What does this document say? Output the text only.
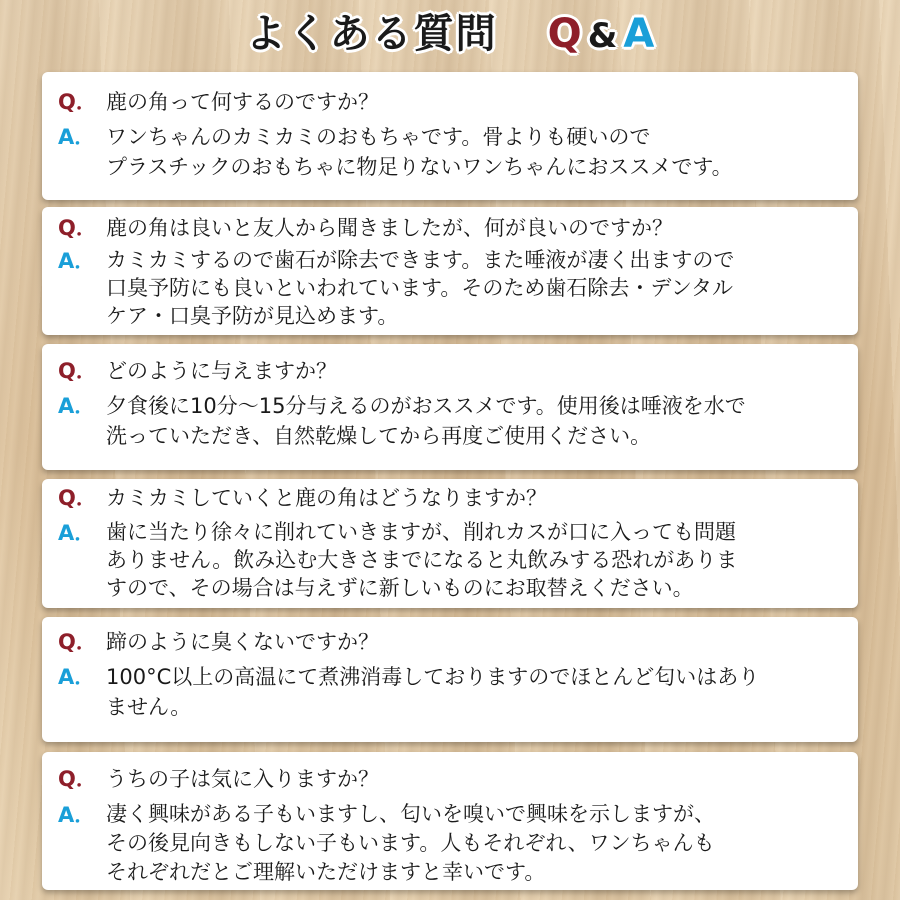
よくある質問 Q & A
Q． 鹿の角って何するのですか？
A． ワンちゃんのカミカミのおもちゃです。骨よりも硬いので
プラスチックのおもちゃに物足りないワンちゃんにおススメです。
Q． 鹿の角は良いと友人から聞きましたが、何が良いのですか？
A． カミカミするので歯石が除去できます。また唾液が凄く出ますので
口臭予防にも良いといわれています。そのため歯石除去・デンタル
ケア・口臭予防が見込めます。
Q． どのように与えますか？
A． 夕食後に10分～15分与えるのがおススメです。使用後は唾液を水で
洗っていただき、自然乾燥してから再度ご使用ください。
Q． カミカミしていくと鹿の角はどうなりますか？
A． 歯に当たり徐々に削れていきますが、削れカスが口に入っても問題
ありません。飲み込む大きさまでになると丸飲みする恐れがありま
すので、その場合は与えずに新しいものにお取替えください。
Q． 蹄のように臭くないですか？
A． 100°C以上の高温にて煮沸消毒しておりますのでほとんど匂いはあり
ません。
Q． うちの子は気に入りますか？
A． 凄く興味がある子もいますし、匂いを嗅いで興味を示しますが、
その後見向きもしない子もいます。人もそれぞれ、ワンちゃんも
それぞれだとご理解いただけますと幸いです。
